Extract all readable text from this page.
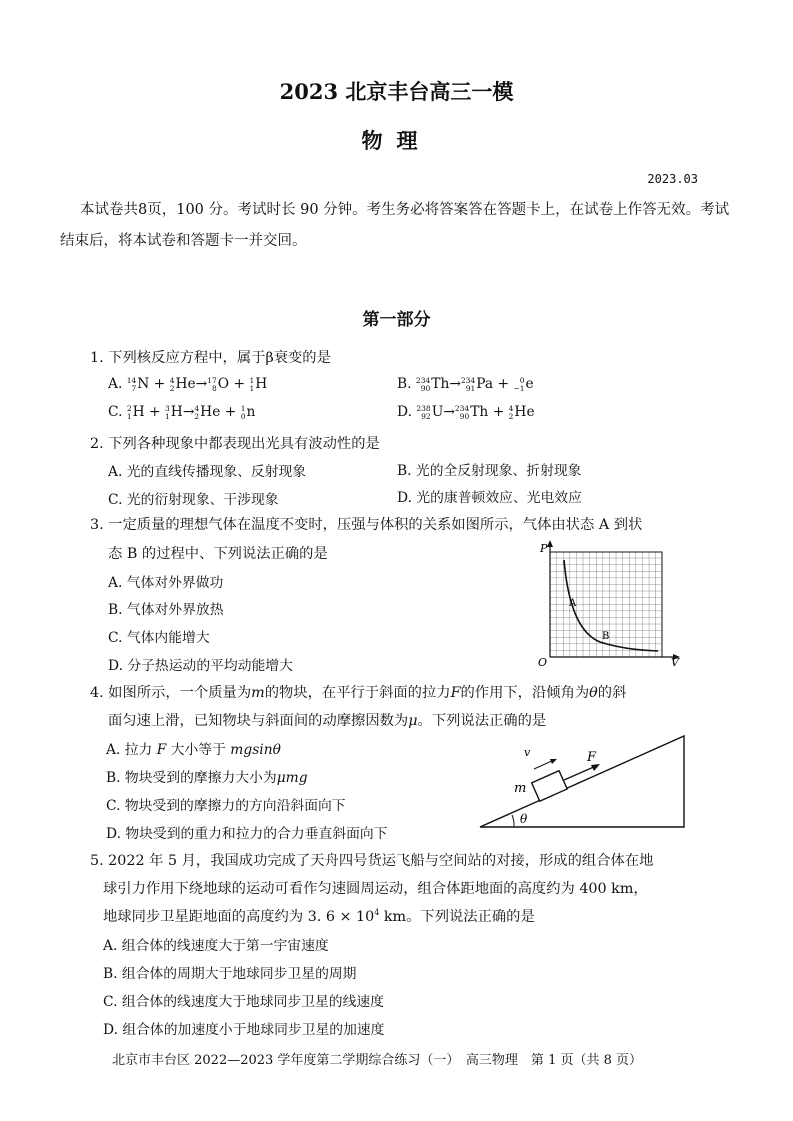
2023 北京丰台高三一模
物理
2023.03
本试卷共8页，100 分。考试时长 90 分钟。考生务必将答案答在答题卡上，在试卷上作答无效。考试结束后，将本试卷和答题卡一并交回。
第一部分
1. 下列核反应方程中，属于β衰变的是
A. 14
7 N + 4
2 He→ 17
8 O + 1
1 H	B. 234
90 Th→ 234
91 Pa + 0
−1 e
C. 2
1 H + 3
1 H→ 4
2 He + 1
0 n	D. 238
92 U→ 234
90 Th + 4
2 He
2. 下列各种现象中都表现出光具有波动性的是
A. 光的直线传播现象、反射现象	B. 光的全反射现象、折射现象
C. 光的衍射现象、干涉现象	D. 光的康普顿效应、光电效应
3. 一定质量的理想气体在温度不变时，压强与体积的关系如图所示，气体由状态 A 到状
态 B 的过程中、下列说法正确的是
A. 气体对外界做功
B. 气体对外界放热
C. 气体内能增大
D. 分子热运动的平均动能增大
P
V
O
A
B
4. 如图所示，一个质量为m的物块，在平行于斜面的拉力F的作用下，沿倾角为θ的斜
面匀速上滑，已知物块与斜面间的动摩擦因数为μ。下列说法正确的是
A. 拉力 F 大小等于 mgsinθ
B. 物块受到的摩擦力大小为μmg
C. 物块受到的摩擦力的方向沿斜面向下
D. 物块受到的重力和拉力的合力垂直斜面向下
v	F
m
θ
5. 2022 年 5 月，我国成功完成了天舟四号货运飞船与空间站的对接，形成的组合体在地
球引力作用下绕地球的运动可看作匀速圆周运动，组合体距地面的高度约为 400 km，
地球同步卫星距地面的高度约为 3. $6 \times 10^4$ km。下列说法正确的是
A. 组合体的线速度大于第一宇宙速度
B. 组合体的周期大于地球同步卫星的周期
C. 组合体的线速度大于地球同步卫星的线速度
D. 组合体的加速度小于地球同步卫星的加速度
北京市丰台区 2022—2023 学年度第二学期综合练习（一）　高三物理　第 1 页（共 8 页）
